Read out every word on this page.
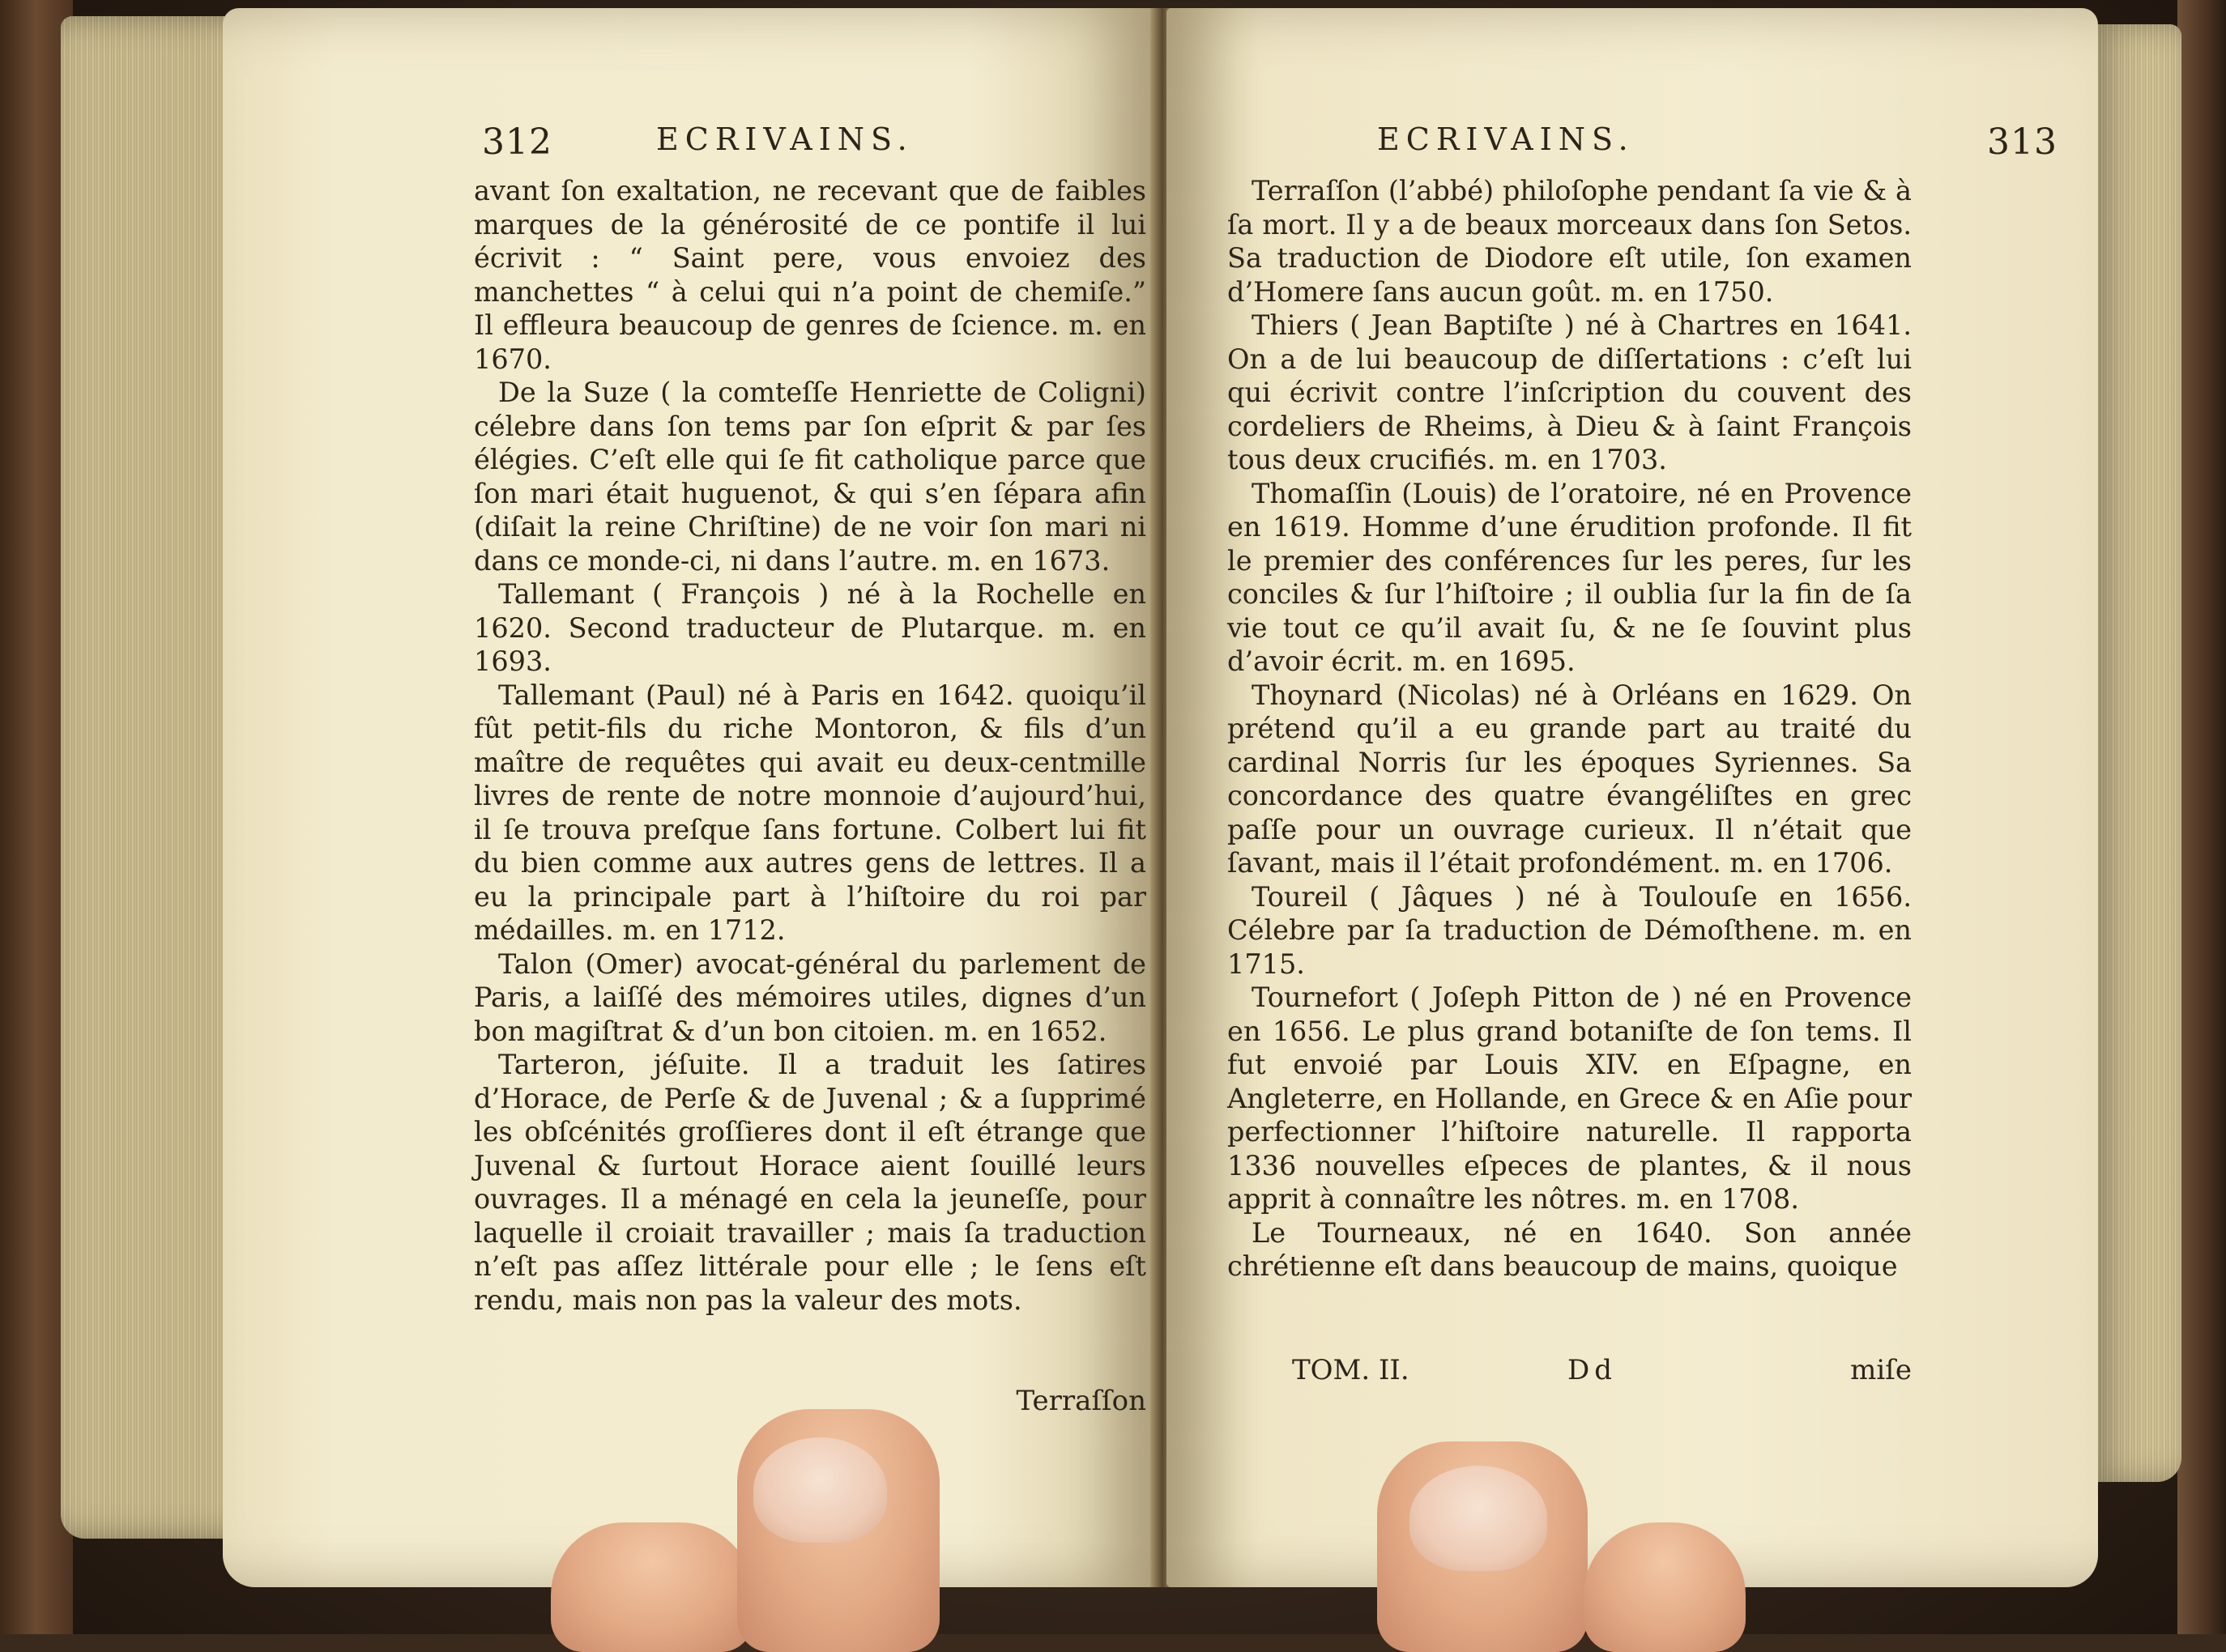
312	ECRIVAINS.

avant ſon exaltation, ne recevant que de faibles marques de la générosité de ce pontife il lui écrivit : “ Saint pere, vous envoiez des manchettes “ à celui qui n’a point de chemiſe.” Il effleura beaucoup de genres de ſcience. m. en 1670.

De la Suze ( la comteſſe Henriette de Coligni) célebre dans ſon tems par ſon eſprit & par ſes élégies. C’eſt elle qui ſe fit catholique parce que ſon mari était huguenot, & qui s’en ſépara afin (diſait la reine Chriſtine) de ne voir ſon mari ni dans ce monde-ci, ni dans l’autre. m. en 1673.

Tallemant ( François ) né à la Rochelle en 1620. Second traducteur de Plutarque. m. en 1693.

Tallemant (Paul) né à Paris en 1642. quoiqu’il fût petit-fils du riche Montoron, & fils d’un maître de requêtes qui avait eu deux-centmille livres de rente de notre monnoie d’aujourd’hui, il ſe trouva preſque ſans fortune. Colbert lui fit du bien comme aux autres gens de lettres. Il a eu la principale part à l’hiſtoire du roi par médailles. m. en 1712.

Talon (Omer) avocat-général du parlement de Paris, a laiſſé des mémoires utiles, dignes d’un bon magiſtrat & d’un bon citoien. m. en 1652.

Tarteron, jéſuite. Il a traduit les ſatires d’Horace, de Perſe & de Juvenal ; & a ſupprimé les obſcénités groſſieres dont il eſt étrange que Juvenal & ſurtout Horace aient ſouillé leurs ouvrages. Il a ménagé en cela la jeuneſſe, pour laquelle il croiait travailler ; mais ſa traduction n’eſt pas aſſez littérale pour elle ; le ſens eſt rendu, mais non pas la valeur des mots.

Terraſſon
ECRIVAINS.	313

Terraſſon (l’abbé) philoſophe pendant ſa vie & à ſa mort. Il y a de beaux morceaux dans ſon Setos. Sa traduction de Diodore eſt utile, ſon examen d’Homere ſans aucun goût. m. en 1750.

Thiers ( Jean Baptiſte ) né à Chartres en 1641. On a de lui beaucoup de diſſertations : c’eſt lui qui écrivit contre l’inſcription du couvent des cordeliers de Rheims, à Dieu & à ſaint François tous deux crucifiés. m. en 1703.

Thomaſſin (Louis) de l’oratoire, né en Provence en 1619. Homme d’une érudition profonde. Il fit le premier des conférences ſur les peres, ſur les conciles & ſur l’hiſtoire ; il oublia ſur la fin de ſa vie tout ce qu’il avait ſu, & ne ſe ſouvint plus d’avoir écrit. m. en 1695.

Thoynard (Nicolas) né à Orléans en 1629. On prétend qu’il a eu grande part au traité du cardinal Norris ſur les époques Syriennes. Sa concordance des quatre évangéliſtes en grec paſſe pour un ouvrage curieux. Il n’était que ſavant, mais il l’était profondément. m. en 1706.

Toureil ( Jâques ) né à Toulouſe en 1656. Célebre par ſa traduction de Démoſthene. m. en 1715.

Tournefort ( Joſeph Pitton de ) né en Provence en 1656. Le plus grand botaniſte de ſon tems. Il fut envoié par Louis XIV. en Eſpagne, en Angleterre, en Hollande, en Grece & en Aſie pour perfectionner l’hiſtoire naturelle. Il rapporta 1336 nouvelles eſpeces de plantes, & il nous apprit à connaître les nôtres. m. en 1708.

Le Tourneaux, né en 1640. Son année chrétienne eſt dans beaucoup de mains, quoique

TOM. II.	Dd	miſe
